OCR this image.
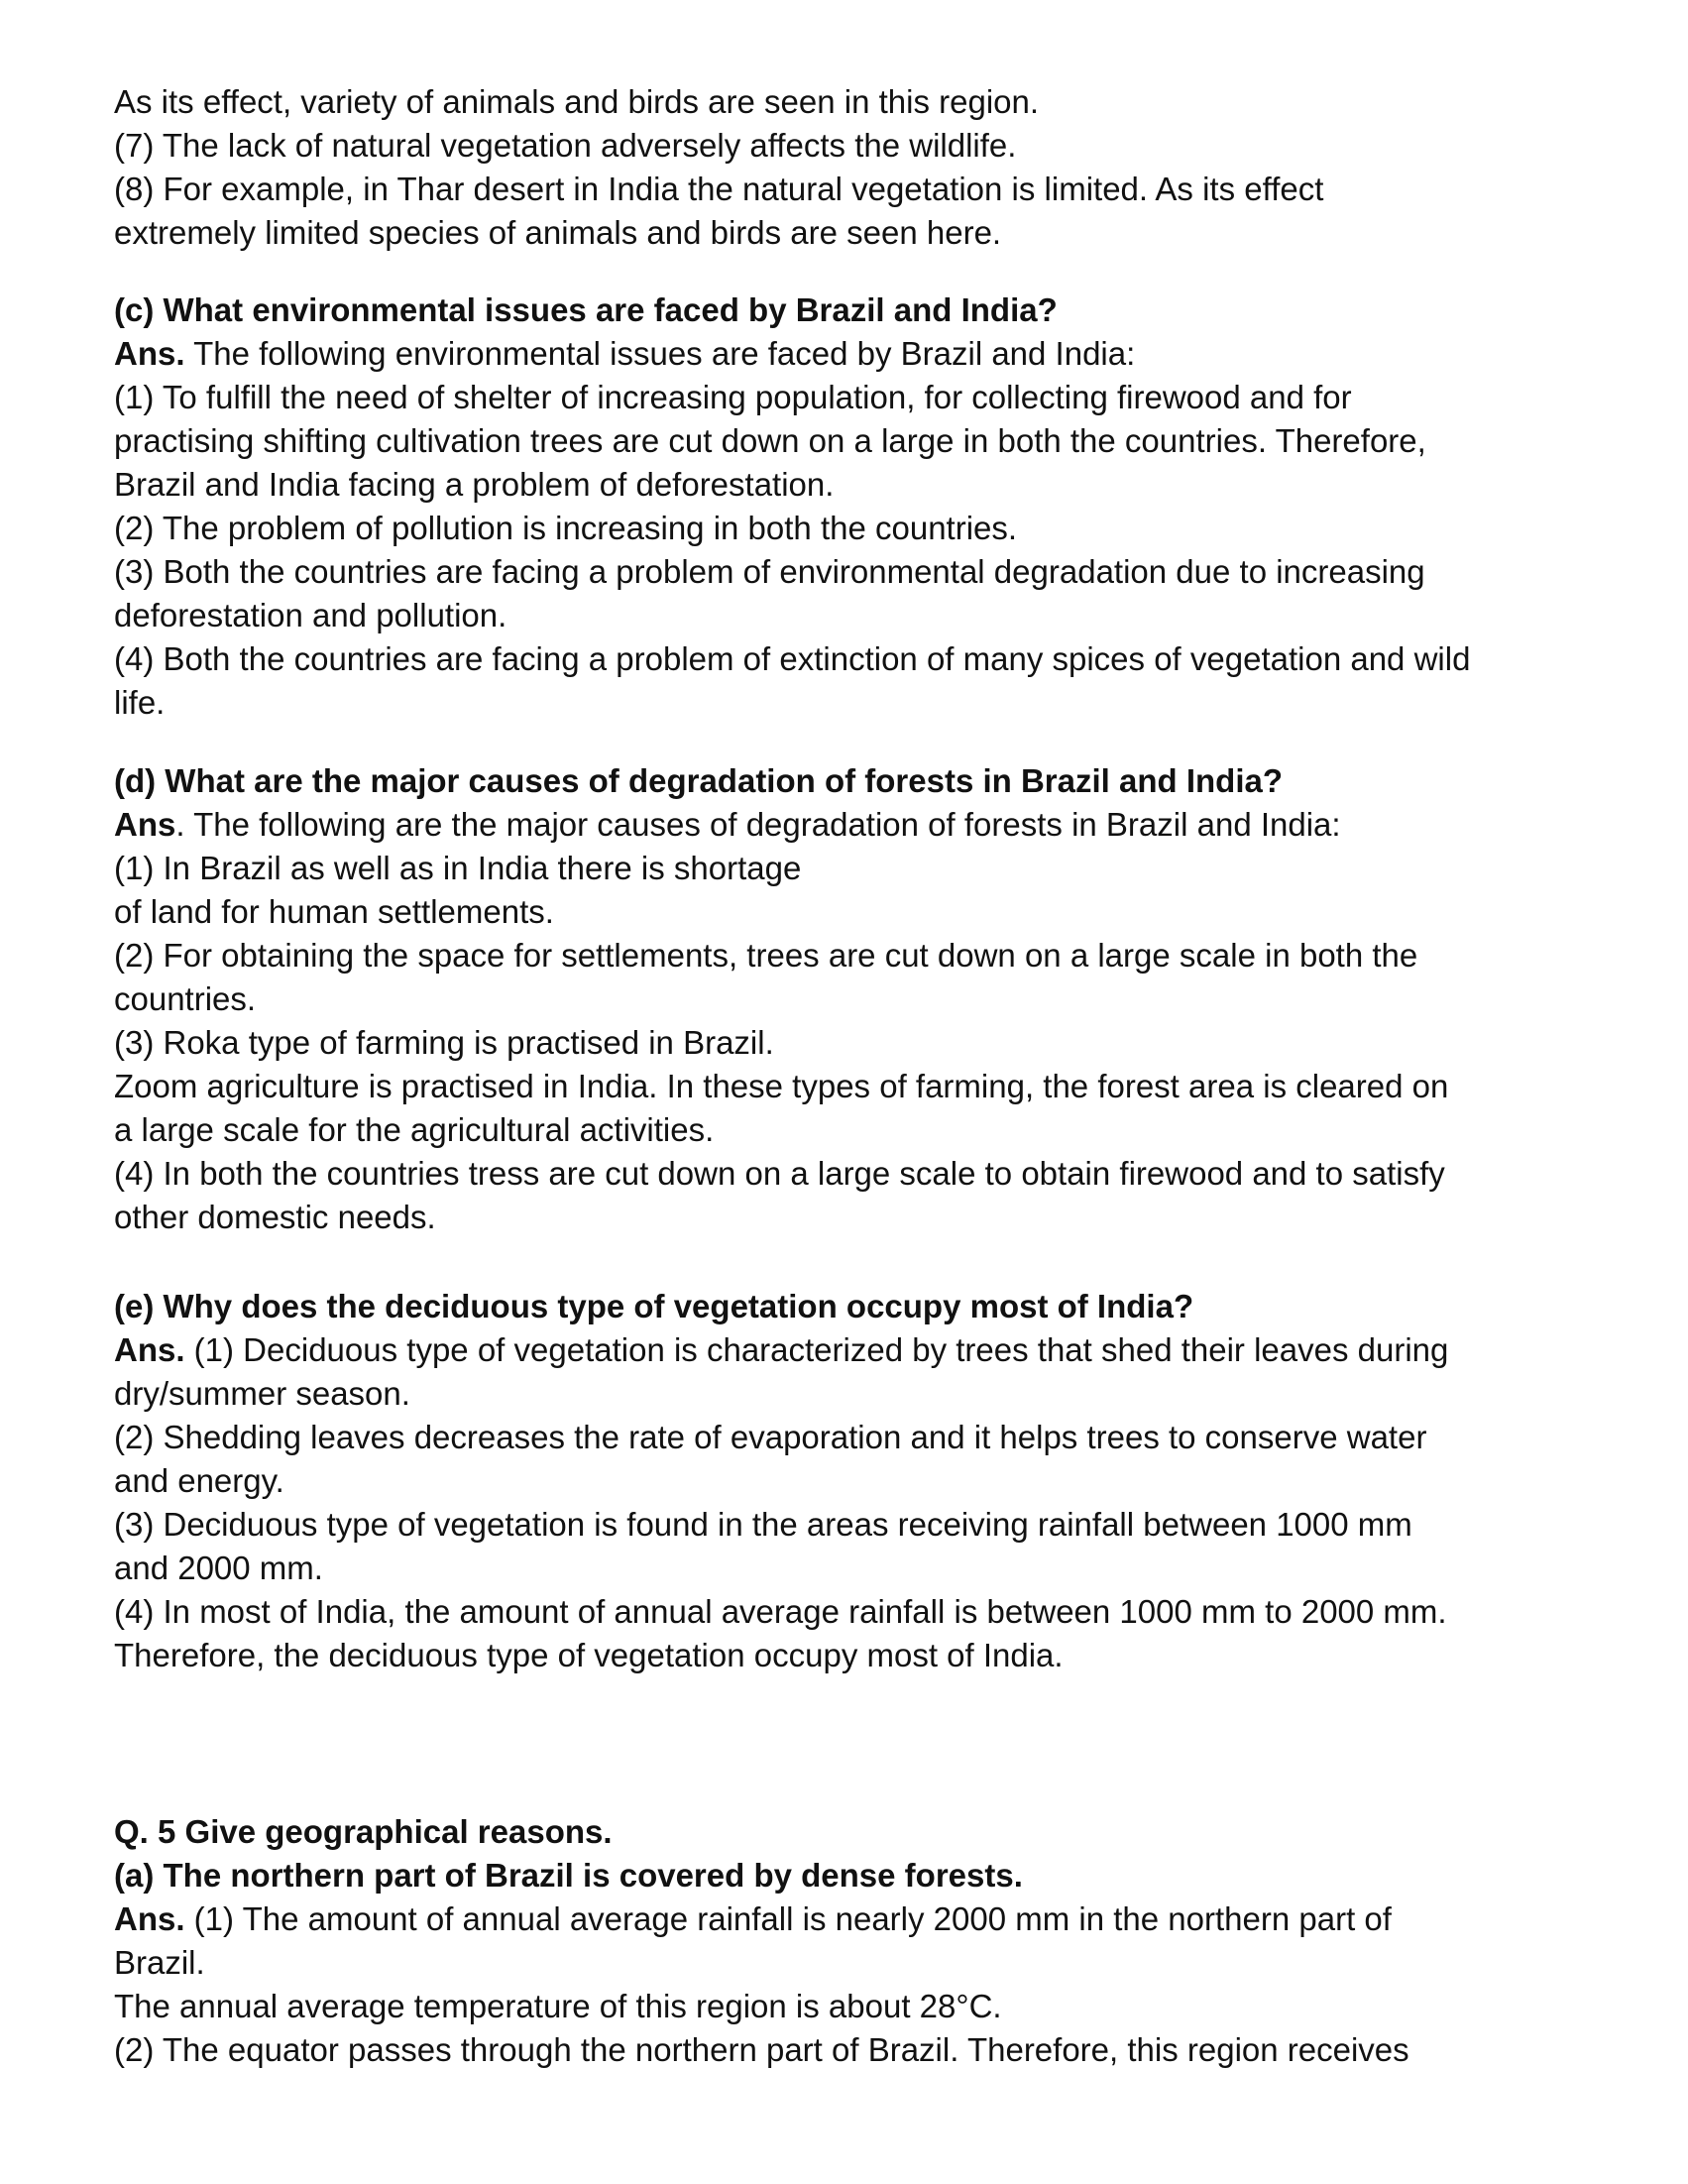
As its effect, variety of animals and birds are seen in this region.
(7) The lack of natural vegetation adversely affects the wildlife.
(8) For example, in Thar desert in India the natural vegetation is limited. As its effect
extremely limited species of animals and birds are seen here.
(c) What environmental issues are faced by Brazil and India?
Ans. The following environmental issues are faced by Brazil and India:
(1) To fulfill the need of shelter of increasing population, for collecting firewood and for
practising shifting cultivation trees are cut down on a large in both the countries. Therefore,
Brazil and India facing a problem of deforestation.
(2) The problem of pollution is increasing in both the countries.
(3) Both the countries are facing a problem of environmental degradation due to increasing
deforestation and pollution.
(4) Both the countries are facing a problem of extinction of many spices of vegetation and wild
life.
(d) What are the major causes of degradation of forests in Brazil and India?
Ans. The following are the major causes of degradation of forests in Brazil and India:
(1) In Brazil as well as in India there is shortage
of land for human settlements.
(2) For obtaining the space for settlements, trees are cut down on a large scale in both the
countries.
(3) Roka type of farming is practised in Brazil.
Zoom agriculture is practised in India. In these types of farming, the forest area is cleared on
a large scale for the agricultural activities.
(4) In both the countries tress are cut down on a large scale to obtain firewood and to satisfy
other domestic needs.
(e) Why does the deciduous type of vegetation occupy most of India?
Ans. (1) Deciduous type of vegetation is characterized by trees that shed their leaves during
dry/summer season.
(2) Shedding leaves decreases the rate of evaporation and it helps trees to conserve water
and energy.
(3) Deciduous type of vegetation is found in the areas receiving rainfall between 1000 mm
and 2000 mm.
(4) In most of India, the amount of annual average rainfall is between 1000 mm to 2000 mm.
Therefore, the deciduous type of vegetation occupy most of India.
Q. 5 Give geographical reasons.
(a) The northern part of Brazil is covered by dense forests.
Ans. (1) The amount of annual average rainfall is nearly 2000 mm in the northern part of
Brazil.
The annual average temperature of this region is about 28°C.
(2) The equator passes through the northern part of Brazil. Therefore, this region receives
